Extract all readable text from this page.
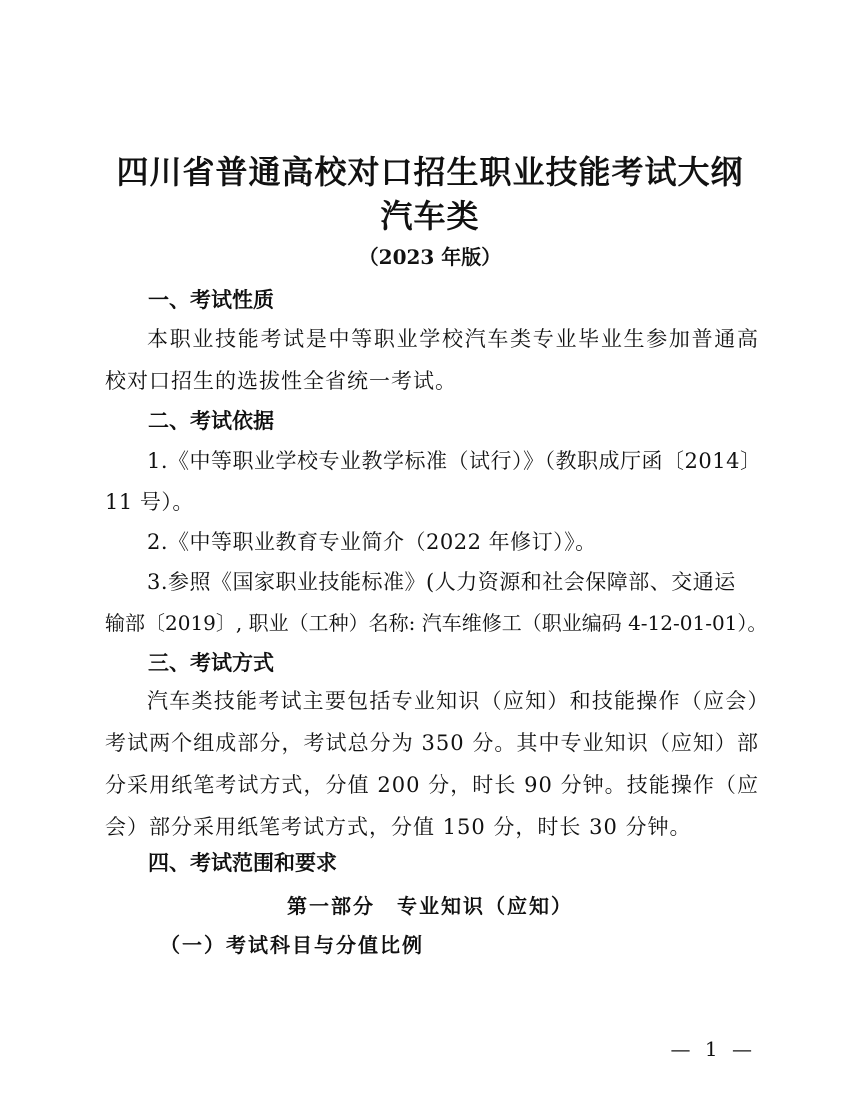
四川省普通高校对口招生职业技能考试大纲
汽车类
（2023 年版）
一、考试性质
本职业技能考试是中等职业学校汽车类专业毕业生参加普通高校对口招生的选拔性全省统一考试。
二、考试依据
1.《中等职业学校专业教学标准（试行）》（教职成厅函〔2014〕
11 号）。
2.《中等职业教育专业简介（2022 年修订）》。
3.参照《国家职业技能标准》(人力资源和社会保障部、交通运
输部〔2019〕, 职业（工种）名称: 汽车维修工（职业编码 4-12-01-01）。
三、考试方式
汽车类技能考试主要包括专业知识（应知）和技能操作（应会）考试两个组成部分，考试总分为 350 分。其中专业知识（应知）部分采用纸笔考试方式，分值 200 分，时长 90 分钟。技能操作（应会）部分采用纸笔考试方式，分值 150 分，时长 30 分钟。
四、考试范围和要求
第一部分　专业知识（应知）
（一）考试科目与分值比例
— 1 —
